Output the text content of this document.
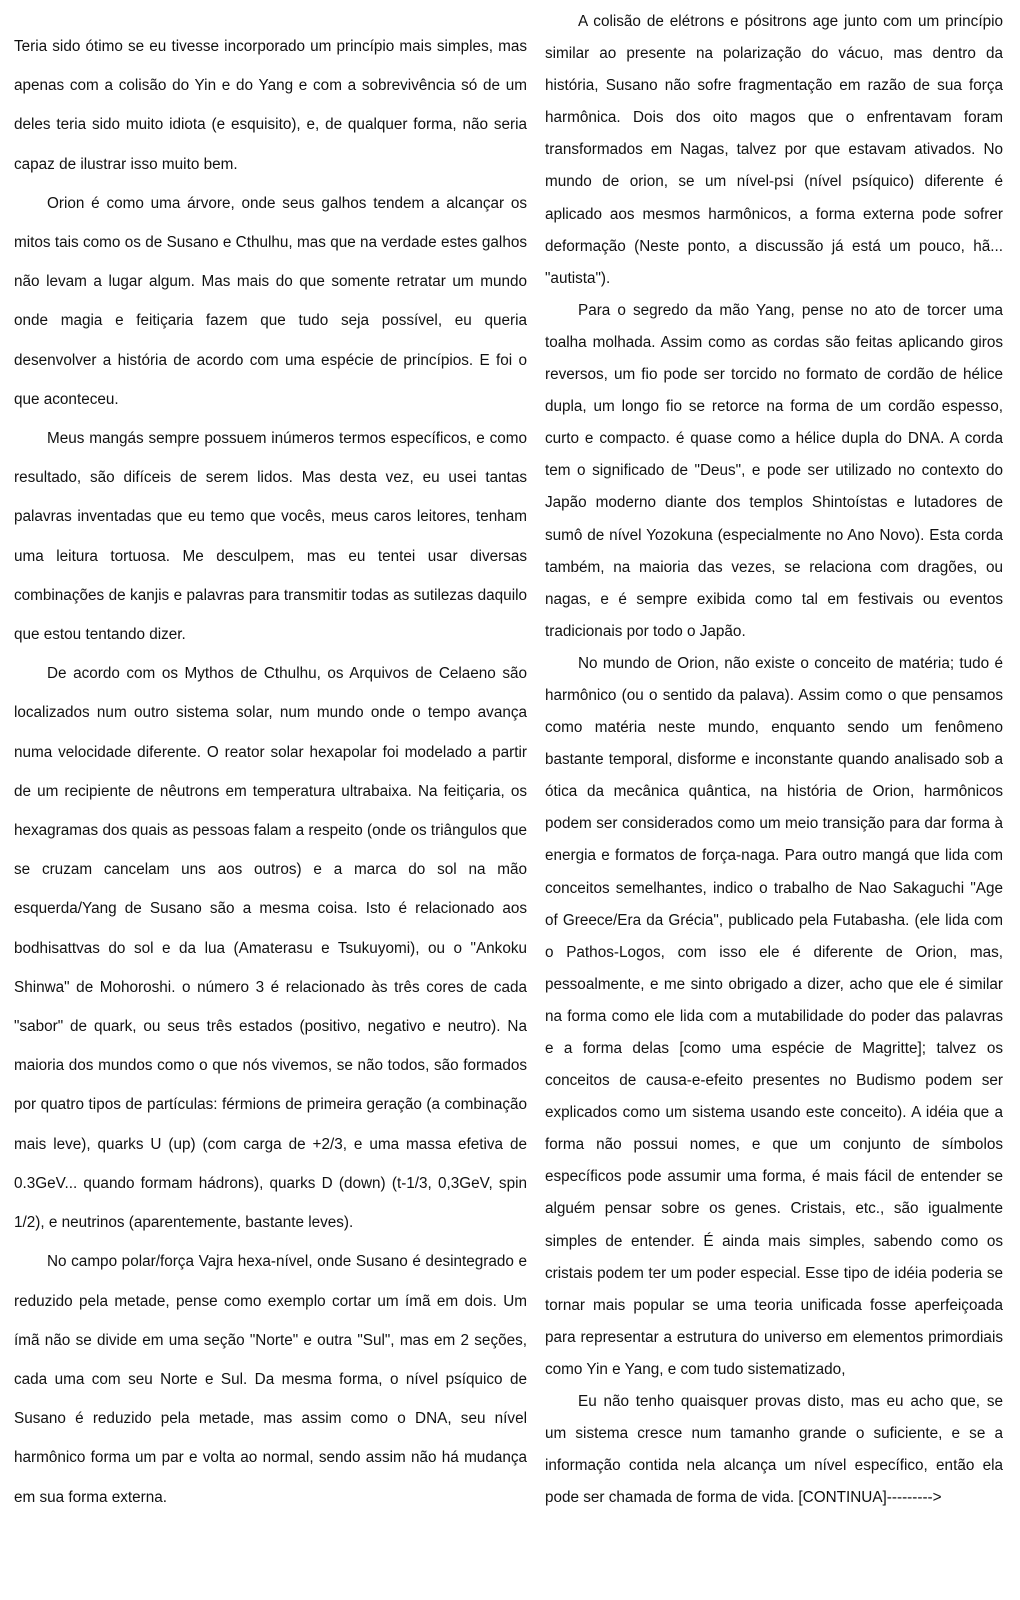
Teria sido ótimo se eu tivesse incorporado um princípio mais simples, mas apenas com a colisão do Yin e do Yang e com a sobrevivência só de um deles teria sido muito idiota (e esquisito), e, de qualquer forma, não seria capaz de ilustrar isso muito bem.

Orion é como uma árvore, onde seus galhos tendem a alcançar os mitos tais como os de Susano e Cthulhu, mas que na verdade estes galhos não levam a lugar algum. Mas mais do que somente retratar um mundo onde magia e feitiçaria fazem que tudo seja possível, eu queria desenvolver a história de acordo com uma espécie de princípios. E foi o que aconteceu.

Meus mangás sempre possuem inúmeros termos específicos, e como resultado, são difíceis de serem lidos. Mas desta vez, eu usei tantas palavras inventadas que eu temo que vocês, meus caros leitores, tenham uma leitura tortuosa. Me desculpem, mas eu tentei usar diversas combinações de kanjis e palavras para transmitir todas as sutilezas daquilo que estou tentando dizer.

De acordo com os Mythos de Cthulhu, os Arquivos de Celaeno são localizados num outro sistema solar, num mundo onde o tempo avança numa velocidade diferente. O reator solar hexapolar foi modelado a partir de um recipiente de nêutrons em temperatura ultrabaixa. Na feitiçaria, os hexagramas dos quais as pessoas falam a respeito (onde os triângulos que se cruzam cancelam uns aos outros) e a marca do sol na mão esquerda/Yang de Susano são a mesma coisa. Isto é relacionado aos bodhisattvas do sol e da lua (Amaterasu e Tsukuyomi), ou o "Ankoku Shinwa" de Mohoroshi. o número 3 é relacionado às três cores de cada "sabor" de quark, ou seus três estados (positivo, negativo e neutro). Na maioria dos mundos como o que nós vivemos, se não todos, são formados por quatro tipos de partículas: férmions de primeira geração (a combinação mais leve), quarks U (up) (com carga de +2/3, e uma massa efetiva de 0.3GeV... quando formam hádrons), quarks D (down) (t-1/3, 0,3GeV, spin 1/2), e neutrinos (aparentemente, bastante leves).

No campo polar/força Vajra hexa-nível, onde Susano é desintegrado e reduzido pela metade, pense como exemplo cortar um ímã em dois. Um ímã não se divide em uma seção "Norte" e outra "Sul", mas em 2 seções, cada uma com seu Norte e Sul. Da mesma forma, o nível psíquico de Susano é reduzido pela metade, mas assim como o DNA, seu nível harmônico forma um par e volta ao normal, sendo assim não há mudança em sua forma externa.

A colisão de elétrons e pósitrons age junto com um princípio similar ao presente na polarização do vácuo, mas dentro da história, Susano não sofre fragmentação em razão de sua força harmônica. Dois dos oito magos que o enfrentavam foram transformados em Nagas, talvez por que estavam ativados. No mundo de orion, se um nível-psi (nível psíquico) diferente é aplicado aos mesmos harmônicos, a forma externa pode sofrer deformação (Neste ponto, a discussão já está um pouco, hã... "autista").

Para o segredo da mão Yang, pense no ato de torcer uma toalha molhada. Assim como as cordas são feitas aplicando giros reversos, um fio pode ser torcido no formato de cordão de hélice dupla, um longo fio se retorce na forma de um cordão espesso, curto e compacto. é quase como a hélice dupla do DNA. A corda tem o significado de "Deus", e pode ser utilizado no contexto do Japão moderno diante dos templos Shintoístas e lutadores de sumô de nível Yozokuna (especialmente no Ano Novo). Esta corda também, na maioria das vezes, se relaciona com dragões, ou nagas, e é sempre exibida como tal em festivais ou eventos tradicionais por todo o Japão.

No mundo de Orion, não existe o conceito de matéria; tudo é harmônico (ou o sentido da palava). Assim como o que pensamos como matéria neste mundo, enquanto sendo um fenômeno bastante temporal, disforme e inconstante quando analisado sob a ótica da mecânica quântica, na história de Orion, harmônicos podem ser considerados como um meio transição para dar forma à energia e formatos de força-naga. Para outro mangá que lida com conceitos semelhantes, indico o trabalho de Nao Sakaguchi "Age of Greece/Era da Grécia", publicado pela Futabasha. (ele lida com o Pathos-Logos, com isso ele é diferente de Orion, mas, pessoalmente, e me sinto obrigado a dizer, acho que ele é similar na forma como ele lida com a mutabilidade do poder das palavras e a forma delas [como uma espécie de Magritte]; talvez os conceitos de causa-e-efeito presentes no Budismo podem ser explicados como um sistema usando este conceito). A idéia que a forma não possui nomes, e que um conjunto de símbolos específicos pode assumir uma forma, é mais fácil de entender se alguém pensar sobre os genes. Cristais, etc., são igualmente simples de entender. É ainda mais simples, sabendo como os cristais podem ter um poder especial. Esse tipo de idéia poderia se tornar mais popular se uma teoria unificada fosse aperfeiçoada para representar a estrutura do universo em elementos primordiais como Yin e Yang, e com tudo sistematizado,

Eu não tenho quaisquer provas disto, mas eu acho que, se um sistema cresce num tamanho grande o suficiente, e se a informação contida nela alcança um nível específico, então ela pode ser chamada de forma de vida. [CONTINUA]--------->
